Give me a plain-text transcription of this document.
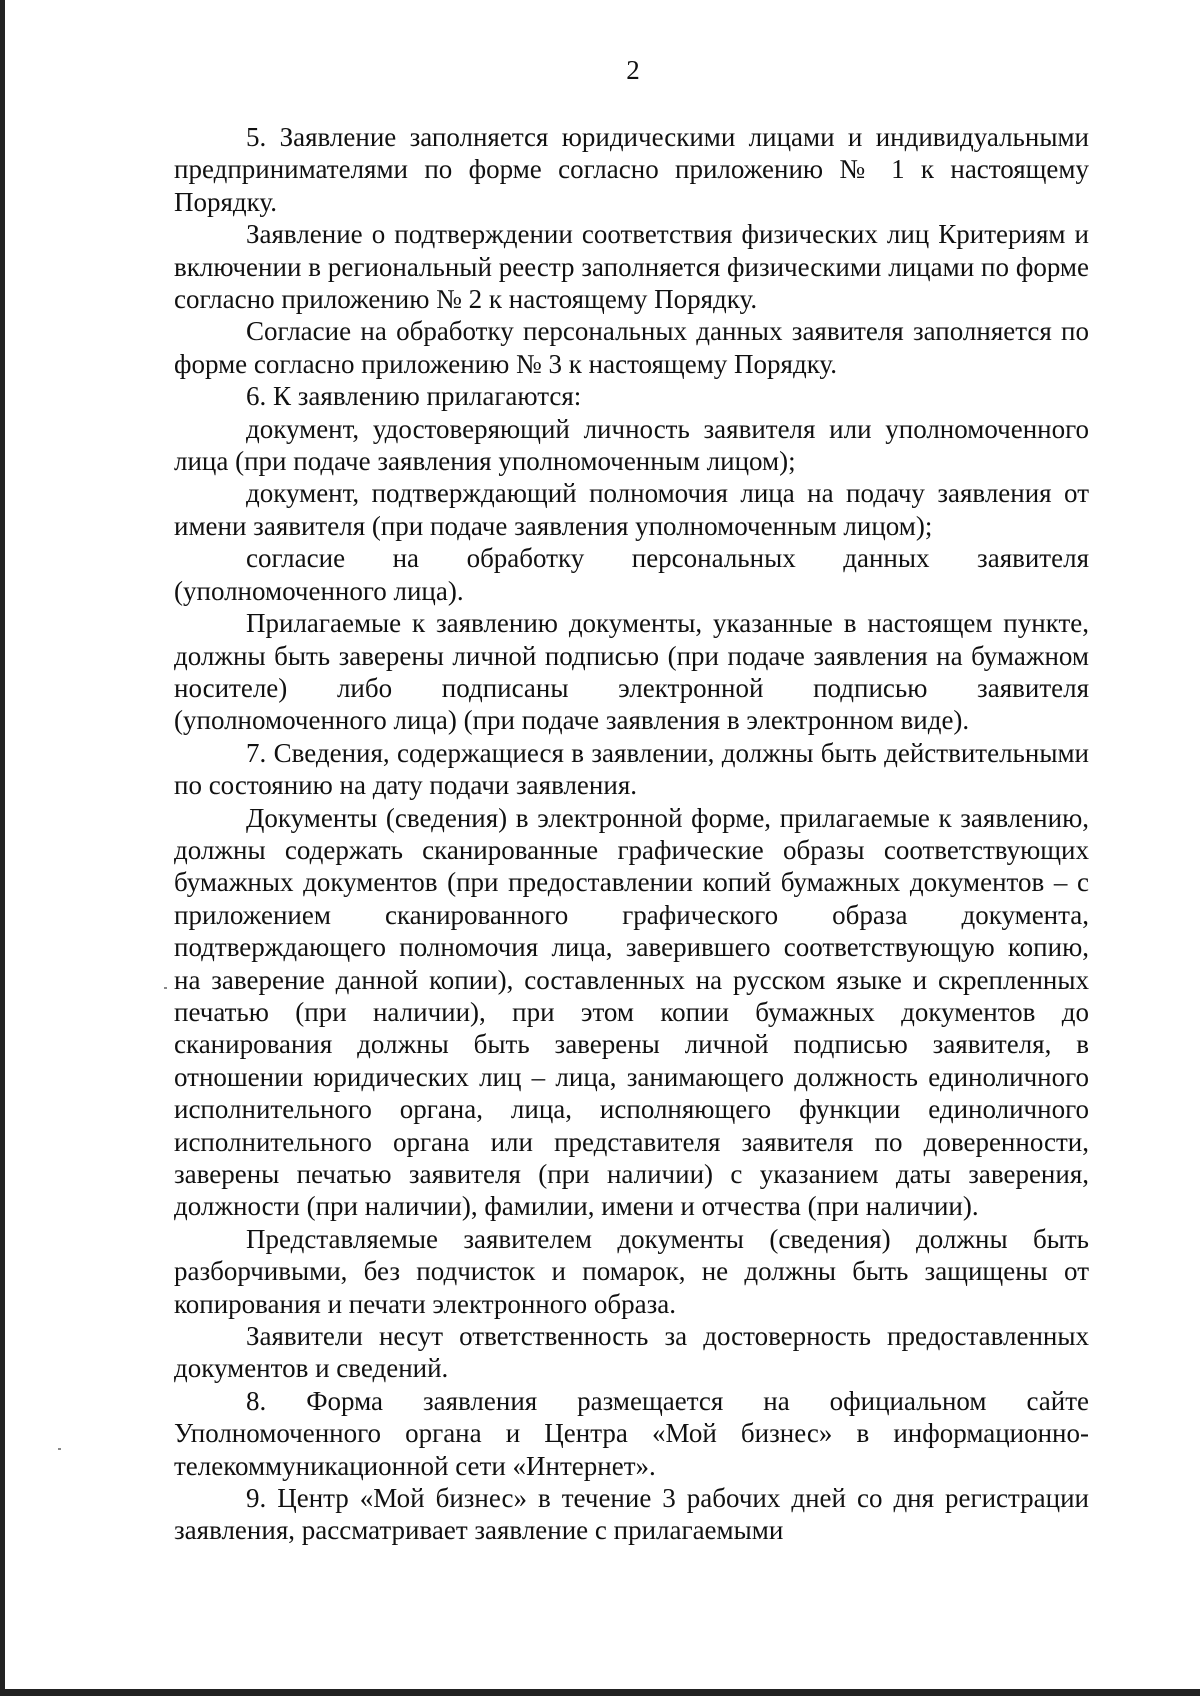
2

5. Заявление заполняется юридическими лицами и индивидуальными предпринимателями по форме согласно приложению № 1 к настоящему Порядку.

Заявление о подтверждении соответствия физических лиц Критериям и включении в региональный реестр заполняется физическими лицами по форме согласно приложению № 2 к настоящему Порядку.

Согласие на обработку персональных данных заявителя заполняется по форме согласно приложению № 3 к настоящему Порядку.

6. К заявлению прилагаются:

документ, удостоверяющий личность заявителя или уполномоченного лица (при подаче заявления уполномоченным лицом);

документ, подтверждающий полномочия лица на подачу заявления от имени заявителя (при подаче заявления уполномоченным лицом);

согласие на обработку персональных данных заявителя (уполномоченного лица).

Прилагаемые к заявлению документы, указанные в настоящем пункте, должны быть заверены личной подписью (при подаче заявления на бумажном носителе) либо подписаны электронной подписью заявителя (уполномоченного лица) (при подаче заявления в электронном виде).

7. Сведения, содержащиеся в заявлении, должны быть действительными по состоянию на дату подачи заявления.

Документы (сведения) в электронной форме, прилагаемые к заявлению, должны содержать сканированные графические образы соответствующих бумажных документов (при предоставлении копий бумажных документов – с приложением сканированного графического образа документа, подтверждающего полномочия лица, заверившего соответствующую копию, на заверение данной копии), составленных на русском языке и скрепленных печатью (при наличии), при этом копии бумажных документов до сканирования должны быть заверены личной подписью заявителя, в отношении юридических лиц – лица, занимающего должность единоличного исполнительного органа, лица, исполняющего функции единоличного исполнительного органа или представителя заявителя по доверенности, заверены печатью заявителя (при наличии) с указанием даты заверения, должности (при наличии), фамилии, имени и отчества (при наличии).

Представляемые заявителем документы (сведения) должны быть разборчивыми, без подчисток и помарок, не должны быть защищены от копирования и печати электронного образа.

Заявители несут ответственность за достоверность предоставленных документов и сведений.

8. Форма заявления размещается на официальном сайте Уполномоченного органа и Центра «Мой бизнес» в информационно-телекоммуникационной сети «Интернет».

9. Центр «Мой бизнес» в течение 3 рабочих дней со дня регистрации заявления, рассматривает заявление с прилагаемыми
